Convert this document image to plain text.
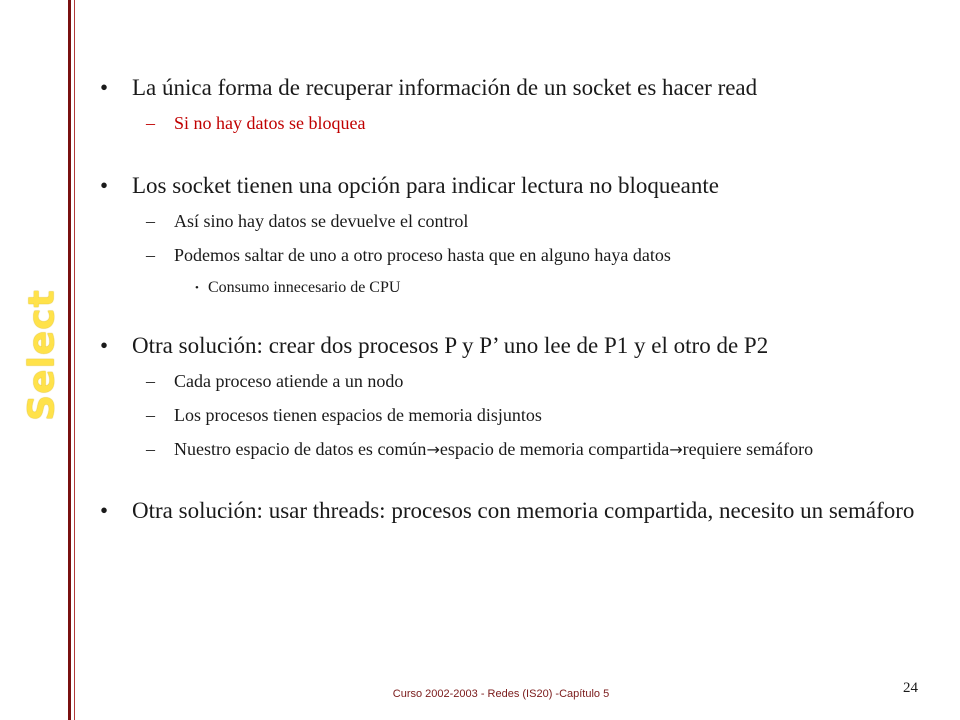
Select
•	La única forma de recuperar información de un socket es hacer read
– Si no hay datos se bloquea
•	Los socket tienen una opción para indicar lectura no bloqueante
– Así sino hay datos se devuelve el control
– Podemos saltar de uno a otro proceso hasta que en alguno haya datos
• Consumo innecesario de CPU
•	Otra solución: crear dos procesos P y P’ uno lee de P1 y el otro de P2
– Cada proceso atiende a un nodo
– Los procesos tienen espacios de memoria disjuntos
– Nuestro espacio de datos es común→espacio de memoria compartida→requiere semáforo
•	Otra solución: usar threads: procesos con memoria compartida, necesito un semáforo
Curso 2002-2003 - Redes (IS20) -Capítulo 5	24
